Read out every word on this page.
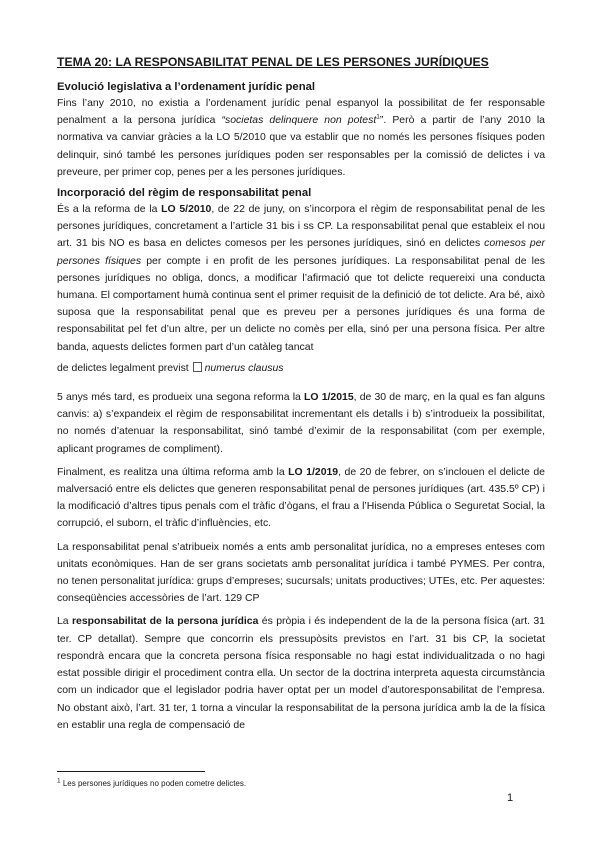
TEMA 20: LA RESPONSABILITAT PENAL DE LES PERSONES JURÍDIQUES
Evolució legislativa a l’ordenament jurídic penal

Fins l’any 2010, no existia a l’ordenament jurídic penal espanyol la possibilitat de fer responsable penalment a la persona jurídica “societas delinquere non potest$^1$”. Però a partir de l’any 2010 la normativa va canviar gràcies a la LO 5/2010 que va establir que no només les persones físiques poden delinquir, sinó també les persones jurídiques poden ser responsables per la comissió de delictes i va preveure, per primer cop, penes per a les persones jurídiques.

Incorporació del règim de responsabilitat penal

És a la reforma de la LO 5/2010, de 22 de juny, on s’incorpora el règim de responsabilitat penal de les persones jurídiques, concretament a l’article 31 bis i ss CP. La responsabilitat penal que estableix el nou art. 31 bis NO es basa en delictes comesos per les persones jurídiques, sinó en delictes comesos per persones físiques per compte i en profit de les persones jurídiques. La responsabilitat penal de les persones jurídiques no obliga, doncs, a modificar l’afirmació que tot delicte requereixi una conducta humana. El comportament humà continua sent el primer requisit de la definició de tot delicte. Ara bé, això suposa que la responsabilitat penal que es preveu per a persones jurídiques és una forma de responsabilitat pel fet d’un altre, per un delicte no comès per ella, sinó per una persona física. Per altre banda, aquests delictes formen part d’un catàleg tancat

de delictes legalment previst numerus clausus

5 anys més tard, es produeix una segona reforma la LO 1/2015, de 30 de març, en la qual es fan alguns canvis: a) s’expandeix el règim de responsabilitat incrementant els detalls i b) s’introdueix la possibilitat, no només d’atenuar la responsabilitat, sinó també d’eximir de la responsabilitat (com per exemple, aplicant programes de compliment).

Finalment, es realitza una última reforma amb la LO 1/2019, de 20 de febrer, on s’inclouen el delicte de malversació entre els delictes que generen responsabilitat penal de persones jurídiques (art. 435.5º CP) i la modificació d’altres tipus penals com el tràfic d’ògans, el frau a l’Hisenda Pública o Seguretat Social, la corrupció, el suborn, el tràfic d’influències, etc.

La responsabilitat penal s’atribueix només a ents amb personalitat jurídica, no a empreses enteses com unitats econòmiques. Han de ser grans societats amb personalitat jurídica i també PYMES. Per contra, no tenen personalitat jurídica: grups d’empreses; sucursals; unitats productives; UTEs, etc. Per aquestes: conseqüències accessòries de l’art. 129 CP

La responsabilitat de la persona jurídica és pròpia i és independent de la de la persona física (art. 31 ter. CP detallat). Sempre que concorrin els pressupòsits previstos en l’art. 31 bis CP, la societat respondrà encara que la concreta persona física responsable no hagi estat individualitzada o no hagi estat possible dirigir el procediment contra ella. Un sector de la doctrina interpreta aquesta circumstància com un indicador que el legislador podria haver optat per un model d’autoresponsabilitat de l’empresa. No obstant això, l’art. 31 ter, 1 torna a vincular la responsabilitat de la persona jurídica amb la de la física en establir una regla de compensació de

$^1$ Les persones jurídiques no poden cometre delictes.
1
